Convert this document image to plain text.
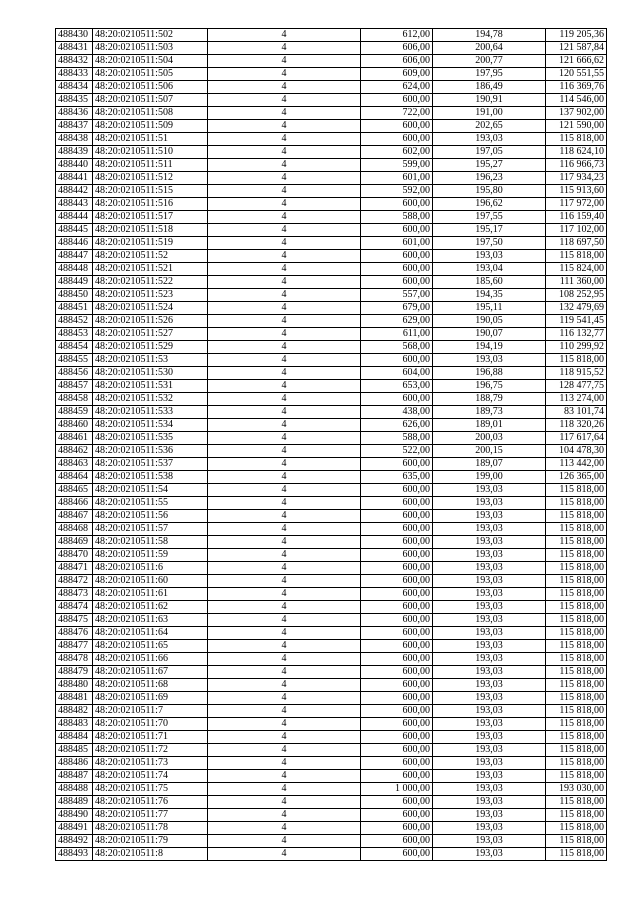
488430	48:20:0210511:502	4	612,00	194,78	119 205,36
488431	48:20:0210511:503	4	606,00	200,64	121 587,84
488432	48:20:0210511:504	4	606,00	200,77	121 666,62
488433	48:20:0210511:505	4	609,00	197,95	120 551,55
488434	48:20:0210511:506	4	624,00	186,49	116 369,76
488435	48:20:0210511:507	4	600,00	190,91	114 546,00
488436	48:20:0210511:508	4	722,00	191,00	137 902,00
488437	48:20:0210511:509	4	600,00	202,65	121 590,00
488438	48:20:0210511:51	4	600,00	193,03	115 818,00
488439	48:20:0210511:510	4	602,00	197,05	118 624,10
488440	48:20:0210511:511	4	599,00	195,27	116 966,73
488441	48:20:0210511:512	4	601,00	196,23	117 934,23
488442	48:20:0210511:515	4	592,00	195,80	115 913,60
488443	48:20:0210511:516	4	600,00	196,62	117 972,00
488444	48:20:0210511:517	4	588,00	197,55	116 159,40
488445	48:20:0210511:518	4	600,00	195,17	117 102,00
488446	48:20:0210511:519	4	601,00	197,50	118 697,50
488447	48:20:0210511:52	4	600,00	193,03	115 818,00
488448	48:20:0210511:521	4	600,00	193,04	115 824,00
488449	48:20:0210511:522	4	600,00	185,60	111 360,00
488450	48:20:0210511:523	4	557,00	194,35	108 252,95
488451	48:20:0210511:524	4	679,00	195,11	132 479,69
488452	48:20:0210511:526	4	629,00	190,05	119 541,45
488453	48:20:0210511:527	4	611,00	190,07	116 132,77
488454	48:20:0210511:529	4	568,00	194,19	110 299,92
488455	48:20:0210511:53	4	600,00	193,03	115 818,00
488456	48:20:0210511:530	4	604,00	196,88	118 915,52
488457	48:20:0210511:531	4	653,00	196,75	128 477,75
488458	48:20:0210511:532	4	600,00	188,79	113 274,00
488459	48:20:0210511:533	4	438,00	189,73	83 101,74
488460	48:20:0210511:534	4	626,00	189,01	118 320,26
488461	48:20:0210511:535	4	588,00	200,03	117 617,64
488462	48:20:0210511:536	4	522,00	200,15	104 478,30
488463	48:20:0210511:537	4	600,00	189,07	113 442,00
488464	48:20:0210511:538	4	635,00	199,00	126 365,00
488465	48:20:0210511:54	4	600,00	193,03	115 818,00
488466	48:20:0210511:55	4	600,00	193,03	115 818,00
488467	48:20:0210511:56	4	600,00	193,03	115 818,00
488468	48:20:0210511:57	4	600,00	193,03	115 818,00
488469	48:20:0210511:58	4	600,00	193,03	115 818,00
488470	48:20:0210511:59	4	600,00	193,03	115 818,00
488471	48:20:0210511:6	4	600,00	193,03	115 818,00
488472	48:20:0210511:60	4	600,00	193,03	115 818,00
488473	48:20:0210511:61	4	600,00	193,03	115 818,00
488474	48:20:0210511:62	4	600,00	193,03	115 818,00
488475	48:20:0210511:63	4	600,00	193,03	115 818,00
488476	48:20:0210511:64	4	600,00	193,03	115 818,00
488477	48:20:0210511:65	4	600,00	193,03	115 818,00
488478	48:20:0210511:66	4	600,00	193,03	115 818,00
488479	48:20:0210511:67	4	600,00	193,03	115 818,00
488480	48:20:0210511:68	4	600,00	193,03	115 818,00
488481	48:20:0210511:69	4	600,00	193,03	115 818,00
488482	48:20:0210511:7	4	600,00	193,03	115 818,00
488483	48:20:0210511:70	4	600,00	193,03	115 818,00
488484	48:20:0210511:71	4	600,00	193,03	115 818,00
488485	48:20:0210511:72	4	600,00	193,03	115 818,00
488486	48:20:0210511:73	4	600,00	193,03	115 818,00
488487	48:20:0210511:74	4	600,00	193,03	115 818,00
488488	48:20:0210511:75	4	1 000,00	193,03	193 030,00
488489	48:20:0210511:76	4	600,00	193,03	115 818,00
488490	48:20:0210511:77	4	600,00	193,03	115 818,00
488491	48:20:0210511:78	4	600,00	193,03	115 818,00
488492	48:20:0210511:79	4	600,00	193,03	115 818,00
488493	48:20:0210511:8	4	600,00	193,03	115 818,00
